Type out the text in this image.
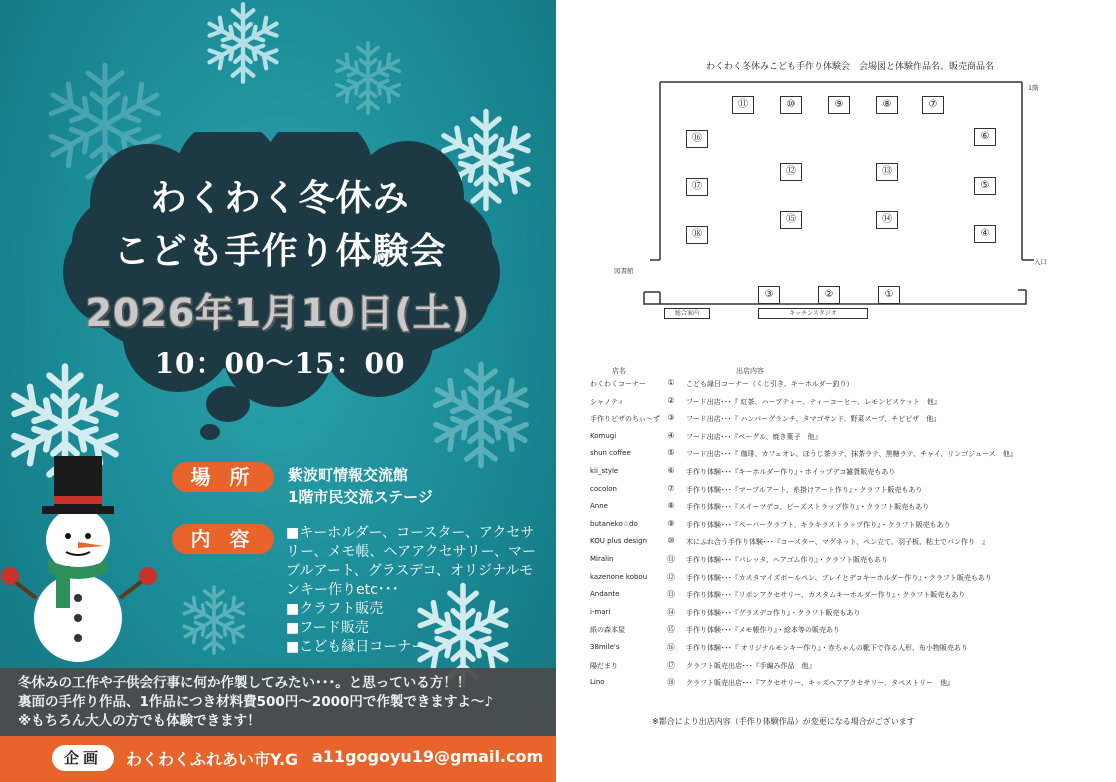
わくわく冬休み
こども手作り体験会
2026年1月10日(土)
10：00～15：00
場 所	紫波町情報交流館
1階市民交流ステージ
内 容	■キーホルダー、コースター、アクセサ
リー、メモ帳、ヘアアクセサリー、マー
ブルアート、グラスデコ、オリジナルモ
ンキー作りetc･･･
■クラフト販売
■フード販売
■こども縁日コーナー
冬休みの工作や子供会行事に何か作製してみたい･･･。と思っている方！！
裏面の手作り作品、1作品につき材料費500円～2000円で作製できますよ～♪
※もちろん大人の方でも体験できます！
企画	わくわくふれあい市Y.G a11gogoyu19@gmail.com
わくわく冬休みこども手作り体験会　会場図と体験作品名、販売商品名
1階
図書館
入口
総合案内	キッチンスタジオ
⑪	⑩	⑨	⑧	⑦
⑯	⑥
⑫	⑬
⑰	⑤
⑮	⑭
⑱	④
③	②	①
店名	出店内容
わくわくコーナー	①	こども縁日コーナー（くじ引き、キーホルダー釣り）
シャノティ	②	フード出店･･･『 紅茶、ハーブティー、ティーコーヒー、レモンビスケット　他』
手作りピザのちぃ～ず ③	フード出店･･･『 ハンバーグランチ、タマゴサンド、野菜スープ、チビピザ　他』
Komugi	④	フード出店･･･『ベーグル、焼き菓子　他』
shun coffee	⑤	フード出店･･･『 珈琲、カフェオレ、ほうじ茶ラテ、抹茶ラテ、黒糖ラテ、チャイ、リンゴジュース　他』
kii_style	⑥	手作り体験･･･『キーホルダー作り』・ホイップデコ雑貨販売もあり
cocolon	⑦	手作り体験･･･『マーブルアート、糸掛けアート作り』・クラフト販売もあり
Anne	⑧	手作り体験･･･『スイーツデコ、ビーズストラップ作り』・クラフト販売もあり
butaneko☆do	⑨	手作り体験･･･『ペーパークラフト、キラキラストラップ作り』・クラフト販売もあり
KOU plus design	⑩	木にふれ合う手作り体験･･･『コースター、マグネット、ペン立て、羽子板、粘土でパン作り　』
Miralin	⑪	手作り体験･･･『パレッタ、ヘアゴム作り』・クラフト販売もあり
kazenone kobou	⑫	手作り体験･･･『カスタマイズボールペン、プレイとデコキーホルダー作り』・クラフト販売もあり
Andante	⑬	手作り体験･･･『リボンアクセサリー、カスタムキーホルダー作り』・クラフト販売もあり
i-mari	⑭	手作り体験･･･『グラスデコ作り』・クラフト販売もあり
紙の森本屋	⑮	手作り体験･･･『メモ帳作り』・絵本等の販売あり
38mile's	⑯	手作り体験･･･『 オリジナルモンキー作り』・赤ちゃんの靴下で作る人形、布小物販売あり
陽だまり	⑰	クラフト販売出店･･･『手編み作品　他』
Lino	⑱	クラフト販売出店･･･『アクセサリー、キッズヘアアクセサリー、タペストリー　他』
※都合により出店内容（手作り体験作品）が変更になる場合がございます
